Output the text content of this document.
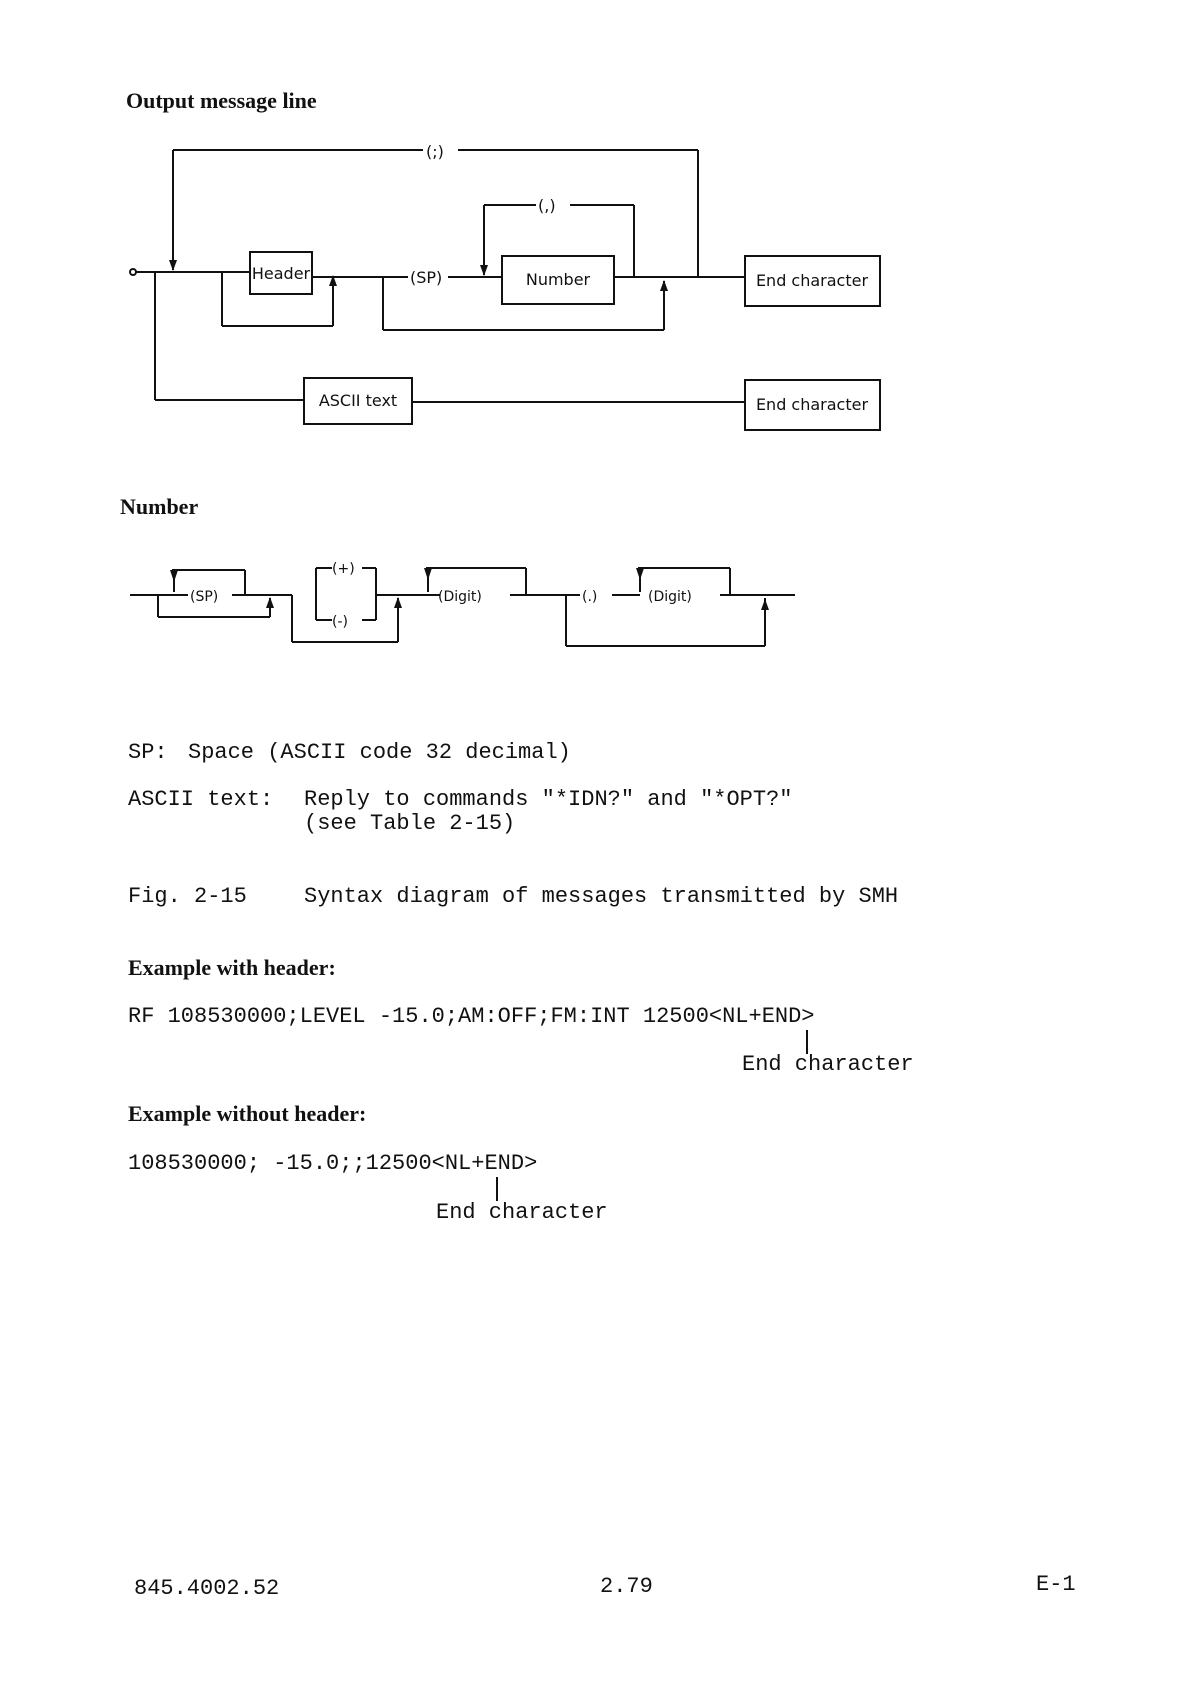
Output message line
Number
(;)
Header	(SP)	Number
(,)
End character
ASCII text	End character
(SP)
(+)
(-)
(Digit)	(.)	(Digit)
SP: Space (ASCII code 32 decimal)
ASCII text: Reply to commands "*IDN?" and "*OPT?"
(see Table 2-15)
Fig. 2-15	Syntax diagram of messages transmitted by SMH
Example with header:
RF 108530000;LEVEL -15.0;AM:OFF;FM:INT 12500<NL+END>
End character
Example without header:
108530000; -15.0;;12500<NL+END>
End character
845.4002.52	2.79	E-1
